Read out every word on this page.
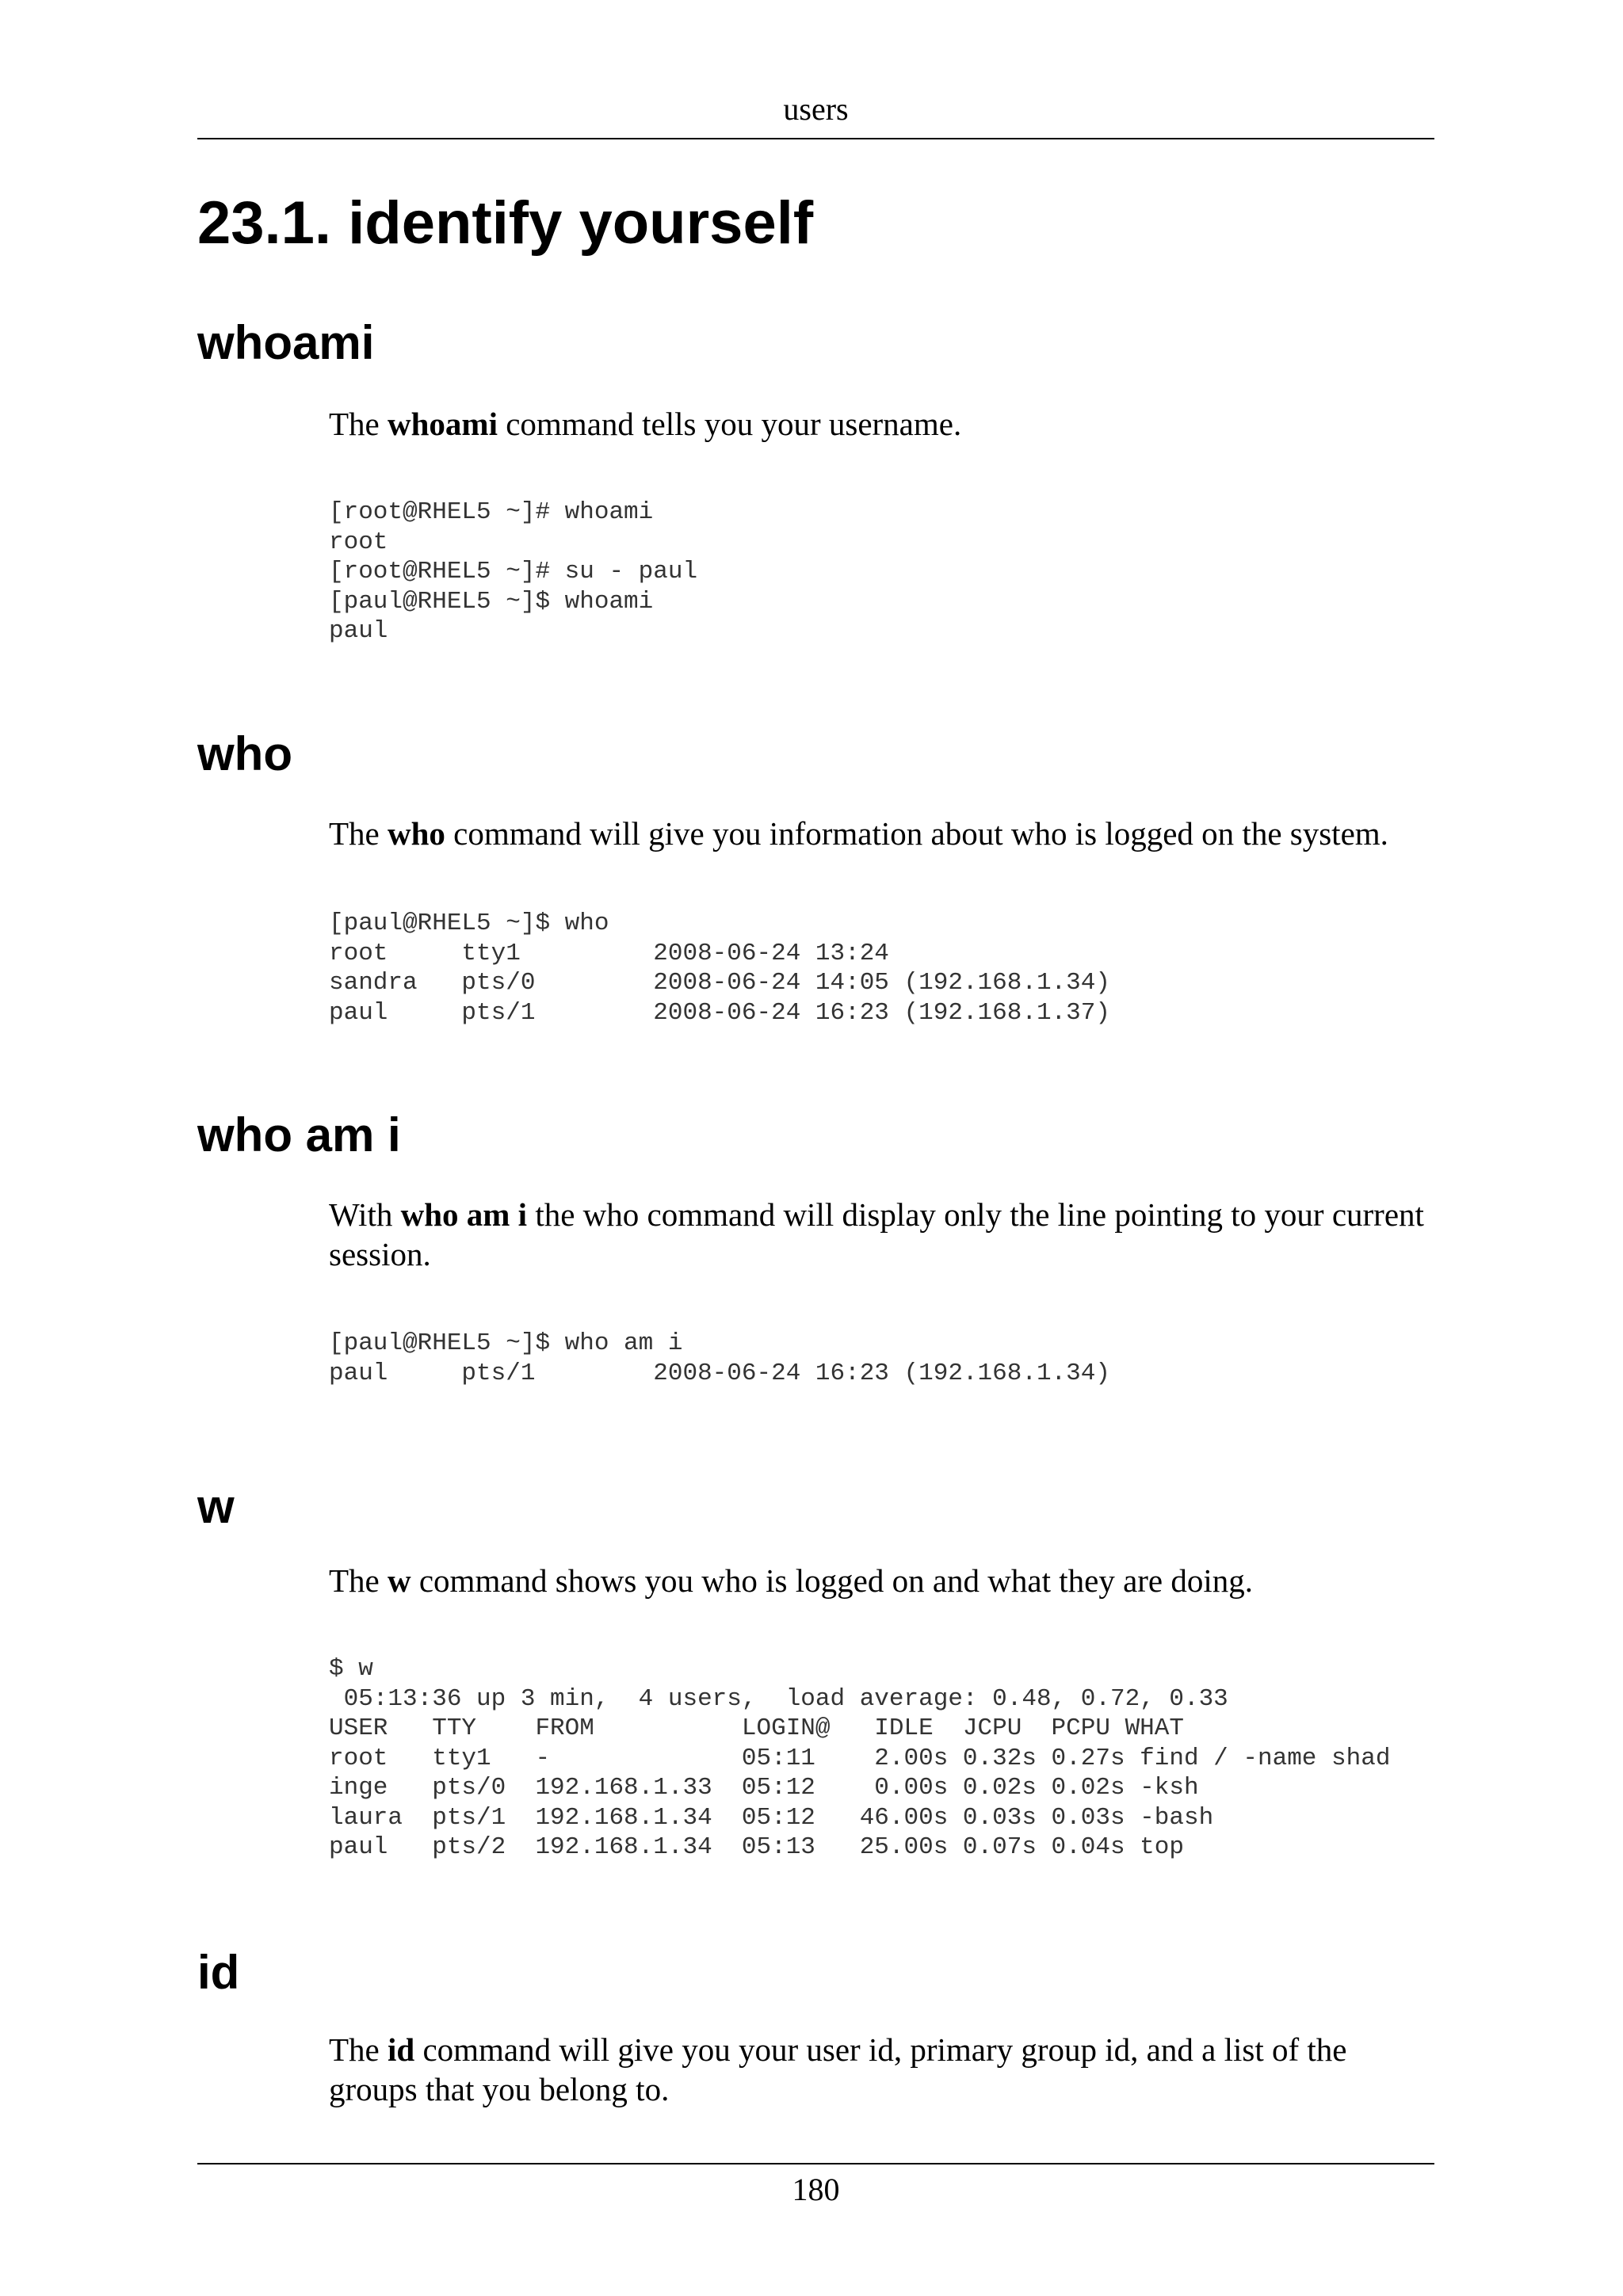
users
23.1. identify yourself
whoami

The whoami command tells you your username.

[root@RHEL5 ~]# whoami
root
[root@RHEL5 ~]# su - paul
[paul@RHEL5 ~]$ whoami
paul
who

The who command will give you information about who is logged on the system.

[paul@RHEL5 ~]$ who
root     tty1         2008-06-24 13:24
sandra   pts/0        2008-06-24 14:05 (192.168.1.34)
paul     pts/1        2008-06-24 16:23 (192.168.1.37)
who am i

With who am i the who command will display only the line pointing to your current session.

[paul@RHEL5 ~]$ who am i
paul     pts/1        2008-06-24 16:23 (192.168.1.34)
w

The w command shows you who is logged on and what they are doing.

$ w
05:13:36 up 3 min,  4 users,  load average: 0.48, 0.72, 0.33
USER   TTY    FROM          LOGIN@   IDLE  JCPU  PCPU WHAT
root   tty1   -             05:11    2.00s 0.32s 0.27s find / -name shad
inge   pts/0  192.168.1.33  05:12    0.00s 0.02s 0.02s -ksh
laura  pts/1  192.168.1.34  05:12   46.00s 0.03s 0.03s -bash
paul   pts/2  192.168.1.34  05:13   25.00s 0.07s 0.04s top
id

The id command will give you your user id, primary group id, and a list of the groups that you belong to.

180
